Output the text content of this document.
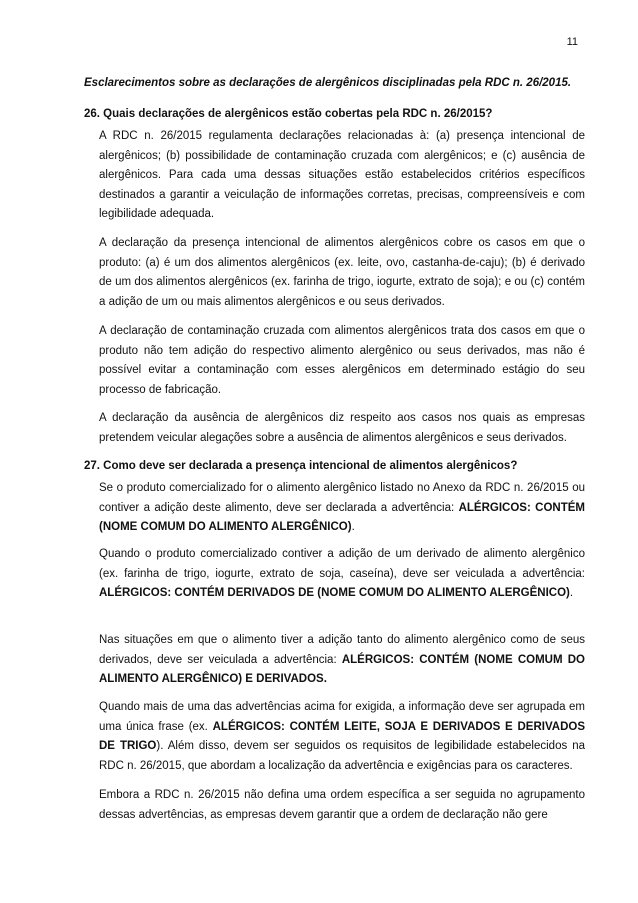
11
Esclarecimentos sobre as declarações de alergênicos disciplinadas pela RDC n. 26/2015.
26. Quais declarações de alergênicos estão cobertas pela RDC n. 26/2015?

A RDC n. 26/2015 regulamenta declarações relacionadas à: (a) presença intencional de alergênicos; (b) possibilidade de contaminação cruzada com alergênicos; e (c) ausência de alergênicos. Para cada uma dessas situações estão estabelecidos critérios específicos destinados a garantir a veiculação de informações corretas, precisas, compreensíveis e com legibilidade adequada.

A declaração da presença intencional de alimentos alergênicos cobre os casos em que o produto: (a) é um dos alimentos alergênicos (ex. leite, ovo, castanha-de-caju); (b) é derivado de um dos alimentos alergênicos (ex. farinha de trigo, iogurte, extrato de soja); e ou (c) contém a adição de um ou mais alimentos alergênicos e ou seus derivados.

A declaração de contaminação cruzada com alimentos alergênicos trata dos casos em que o produto não tem adição do respectivo alimento alergênico ou seus derivados, mas não é possível evitar a contaminação com esses alergênicos em determinado estágio do seu processo de fabricação.

A declaração da ausência de alergênicos diz respeito aos casos nos quais as empresas pretendem veicular alegações sobre a ausência de alimentos alergênicos e seus derivados.

27. Como deve ser declarada a presença intencional de alimentos alergênicos?

Se o produto comercializado for o alimento alergênico listado no Anexo da RDC n. 26/2015 ou contiver a adição deste alimento, deve ser declarada a advertência: ALÉRGICOS: CONTÉM (NOME COMUM DO ALIMENTO ALERGÊNICO).

Quando o produto comercializado contiver a adição de um derivado de alimento alergênico (ex. farinha de trigo, iogurte, extrato de soja, caseína), deve ser veiculada a advertência: ALÉRGICOS: CONTÉM DERIVADOS DE (NOME COMUM DO ALIMENTO ALERGÊNICO).

Nas situações em que o alimento tiver a adição tanto do alimento alergênico como de seus derivados, deve ser veiculada a advertência: ALÉRGICOS: CONTÉM (NOME COMUM DO ALIMENTO ALERGÊNICO) E DERIVADOS.

Quando mais de uma das advertências acima for exigida, a informação deve ser agrupada em uma única frase (ex. ALÉRGICOS: CONTÉM LEITE, SOJA E DERIVADOS E DERIVADOS DE TRIGO). Além disso, devem ser seguidos os requisitos de legibilidade estabelecidos na RDC n. 26/2015, que abordam a localização da advertência e exigências para os caracteres.

Embora a RDC n. 26/2015 não defina uma ordem específica a ser seguida no agrupamento dessas advertências, as empresas devem garantir que a ordem de declaração não gere
